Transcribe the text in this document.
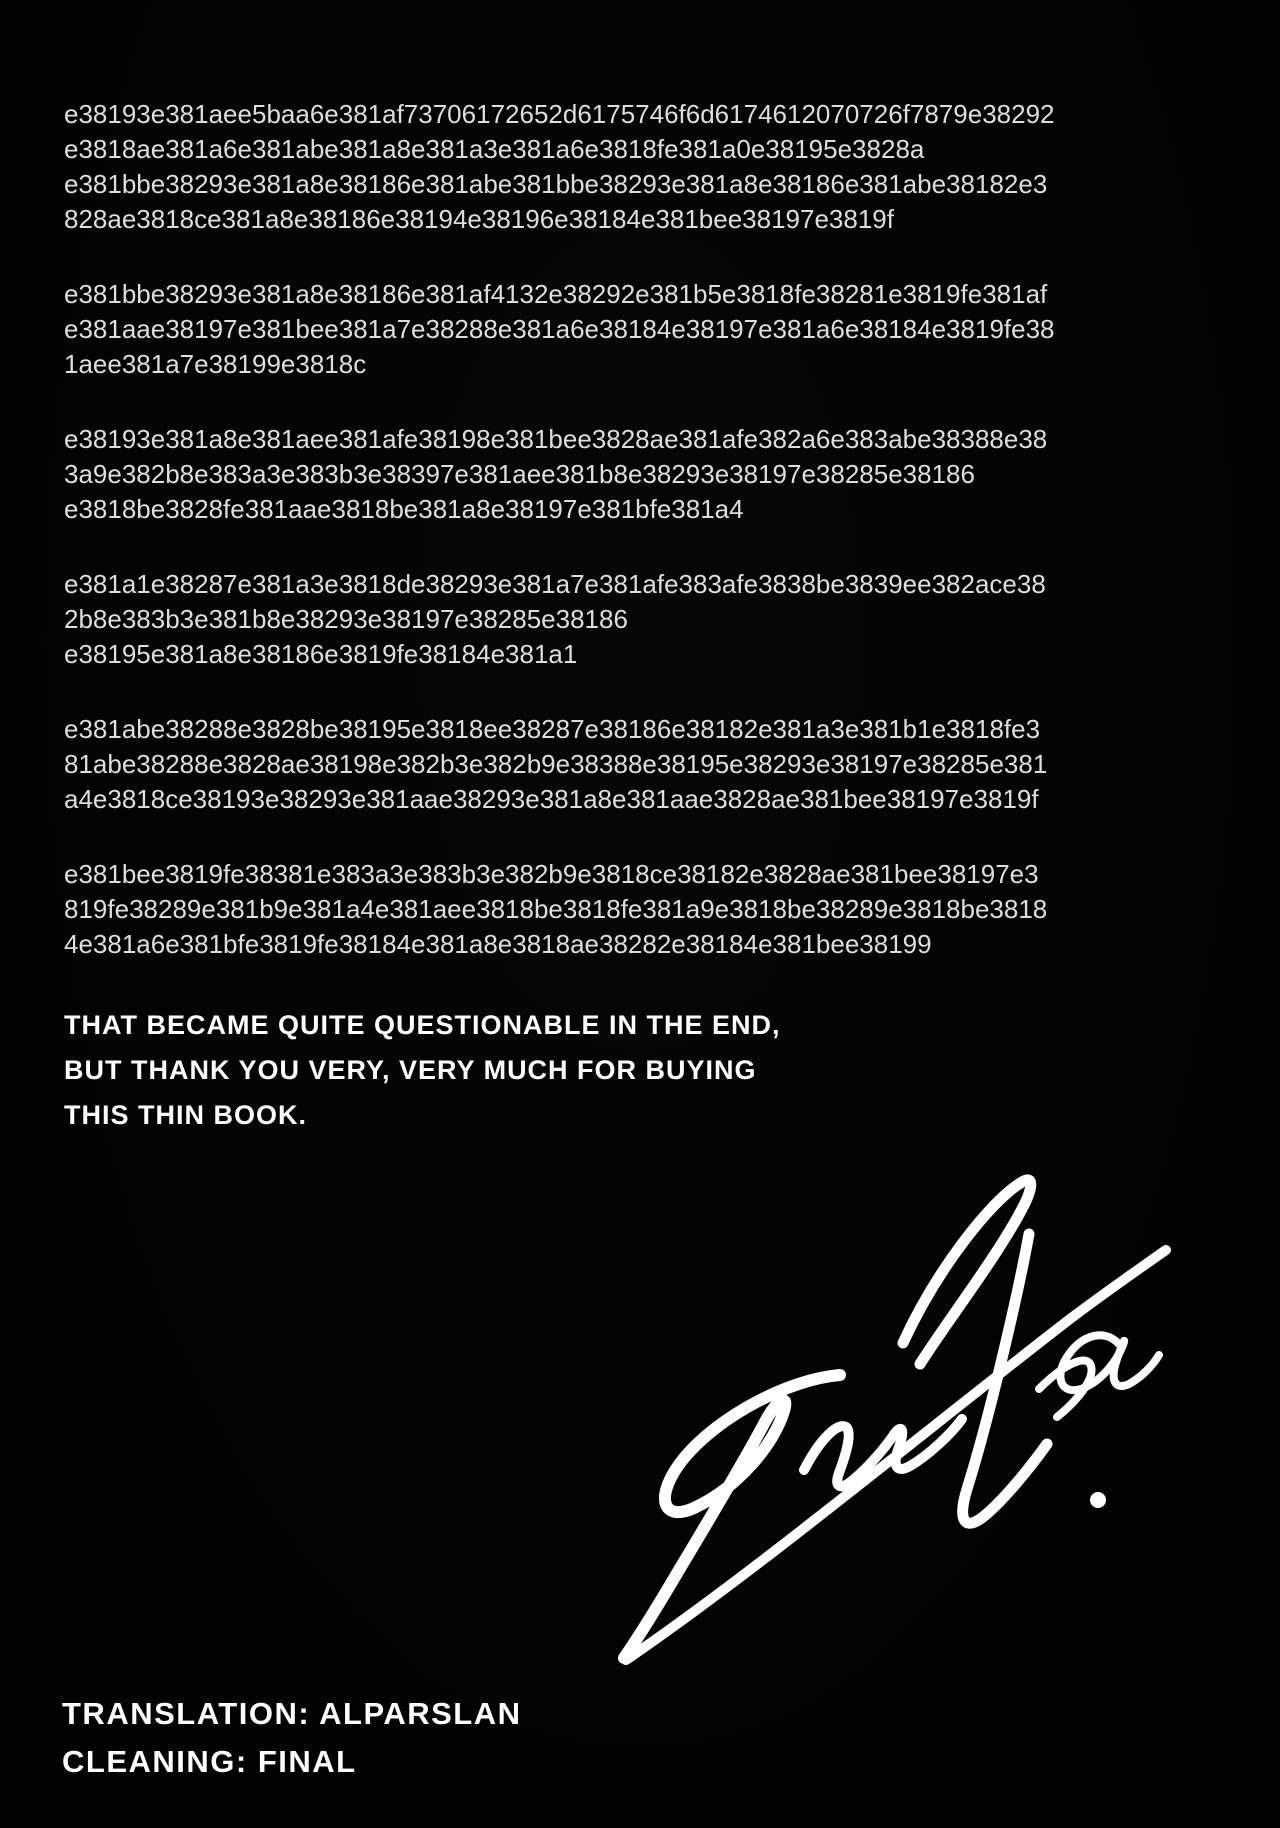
e38193e381aee5baa6e381af73706172652d6175746f6d6174612070726f7879e38292
e3818ae381a6e381abe381a8e381a3e381a6e3818fe381a0e38195e3828a
e381bbe38293e381a8e38186e381abe381bbe38293e381a8e38186e381abe38182e3
828ae3818ce381a8e38186e38194e38196e38184e381bee38197e3819f

e381bbe38293e381a8e38186e381af4132e38292e381b5e3818fe38281e3819fe381af
e381aae38197e381bee381a7e38288e381a6e38184e38197e381a6e38184e3819fe38
1aee381a7e38199e3818c

e38193e381a8e381aee381afe38198e381bee3828ae381afe382a6e383abe38388e38
3a9e382b8e383a3e383b3e38397e381aee381b8e38293e38197e38285e38186
e3818be3828fe381aae3818be381a8e38197e381bfe381a4

e381a1e38287e381a3e3818de38293e381a7e381afe383afe3838be3839ee382ace38
2b8e383b3e381b8e38293e38197e38285e38186
e38195e381a8e38186e3819fe38184e381a1

e381abe38288e3828be38195e3818ee38287e38186e38182e381a3e381b1e3818fe3
81abe38288e3828ae38198e382b3e382b9e38388e38195e38293e38197e38285e381
a4e3818ce38193e38293e381aae38293e381a8e381aae3828ae381bee38197e3819f

e381bee3819fe38381e383a3e383b3e382b9e3818ce38182e3828ae381bee38197e3
819fe38289e381b9e381a4e381aee3818be3818fe381a9e3818be38289e3818be3818
4e381a6e381bfe3819fe38184e381a8e3818ae38282e38184e381bee38199

THAT BECAME QUITE QUESTIONABLE IN THE END,
BUT THANK YOU VERY, VERY MUCH FOR BUYING
THIS THIN BOOK.
TRANSLATION: ALPARSLAN
CLEANING: FINAL
